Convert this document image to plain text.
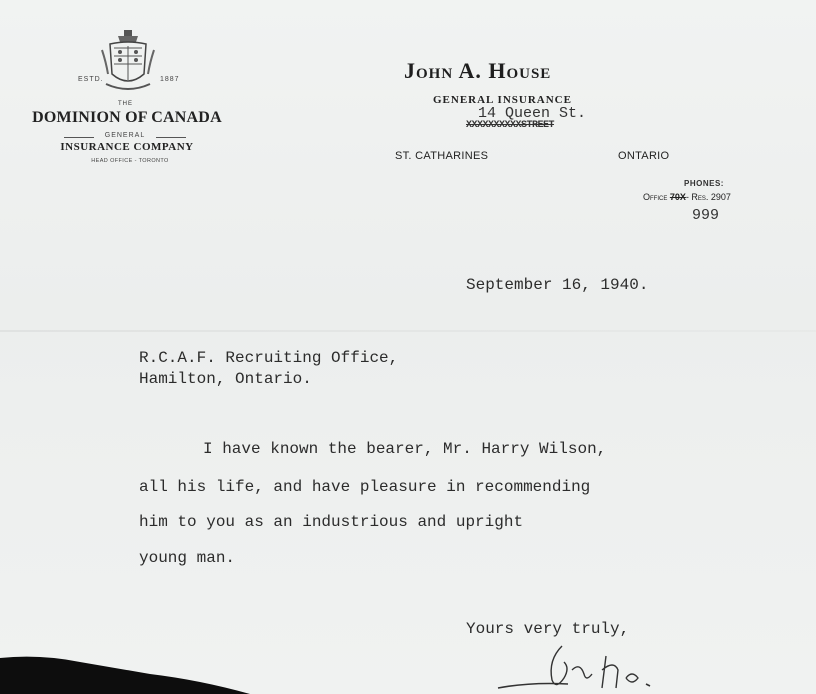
ESTD.	1887
THE
DOMINION OF CANADA
GENERAL
INSURANCE COMPANY
HEAD OFFICE - TORONTO
John A. House
GENERAL INSURANCE
14 Queen St.
XXXXXXXXXXSTREET
ST. CATHARINES	ONTARIO
PHONES:
Office 70X- Res. 2907
999
September 16, 1940.
R.C.A.F. Recruiting Office,
Hamilton, Ontario.
I have known the bearer, Mr. Harry Wilson,
all his life, and have pleasure in recommending
him to you as an industrious and upright
young man.
Yours very truly,
